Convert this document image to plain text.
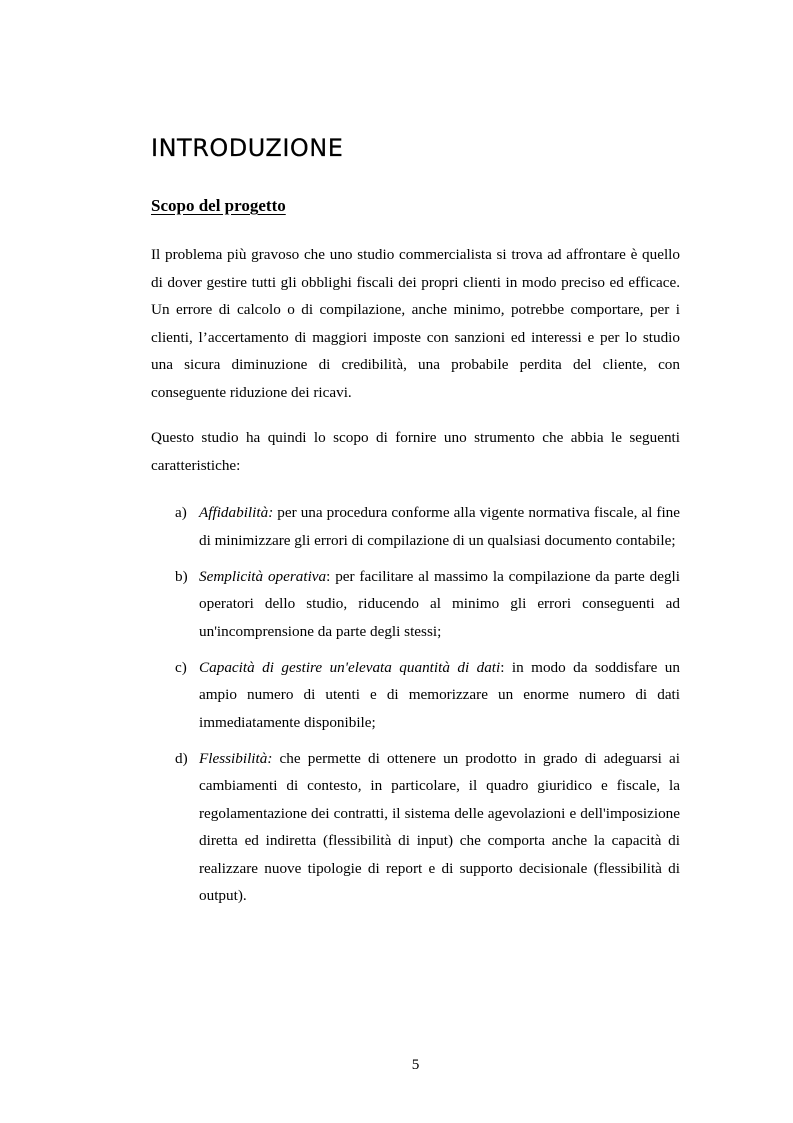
INTRODUZIONE
Scopo del progetto

Il problema più gravoso che uno studio commercialista si trova ad affrontare è quello di dover gestire tutti gli obblighi fiscali dei propri clienti in modo preciso ed efficace. Un errore di calcolo o di compilazione, anche minimo, potrebbe comportare, per i clienti, l’accertamento di maggiori imposte con sanzioni ed interessi e per lo studio una sicura diminuzione di credibilità, una probabile perdita del cliente, con conseguente riduzione dei ricavi.

Questo studio ha quindi lo scopo di fornire uno strumento che abbia le seguenti caratteristiche:

a) Affidabilità: per una procedura conforme alla vigente normativa fiscale, al fine di minimizzare gli errori di compilazione di un qualsiasi documento contabile;
b) Semplicità operativa: per facilitare al massimo la compilazione da parte degli operatori dello studio, riducendo al minimo gli errori conseguenti ad un'incomprensione da parte degli stessi;
c) Capacità di gestire un'elevata quantità di dati: in modo da soddisfare un ampio numero di utenti e di memorizzare un enorme numero di dati immediatamente disponibile;
d) Flessibilità: che permette di ottenere un prodotto in grado di adeguarsi ai cambiamenti di contesto, in particolare, il quadro giuridico e fiscale, la regolamentazione dei contratti, il sistema delle agevolazioni e dell'imposizione diretta ed indiretta (flessibilità di input) che comporta anche la capacità di realizzare nuove tipologie di report e di supporto decisionale (flessibilità di output).
5
